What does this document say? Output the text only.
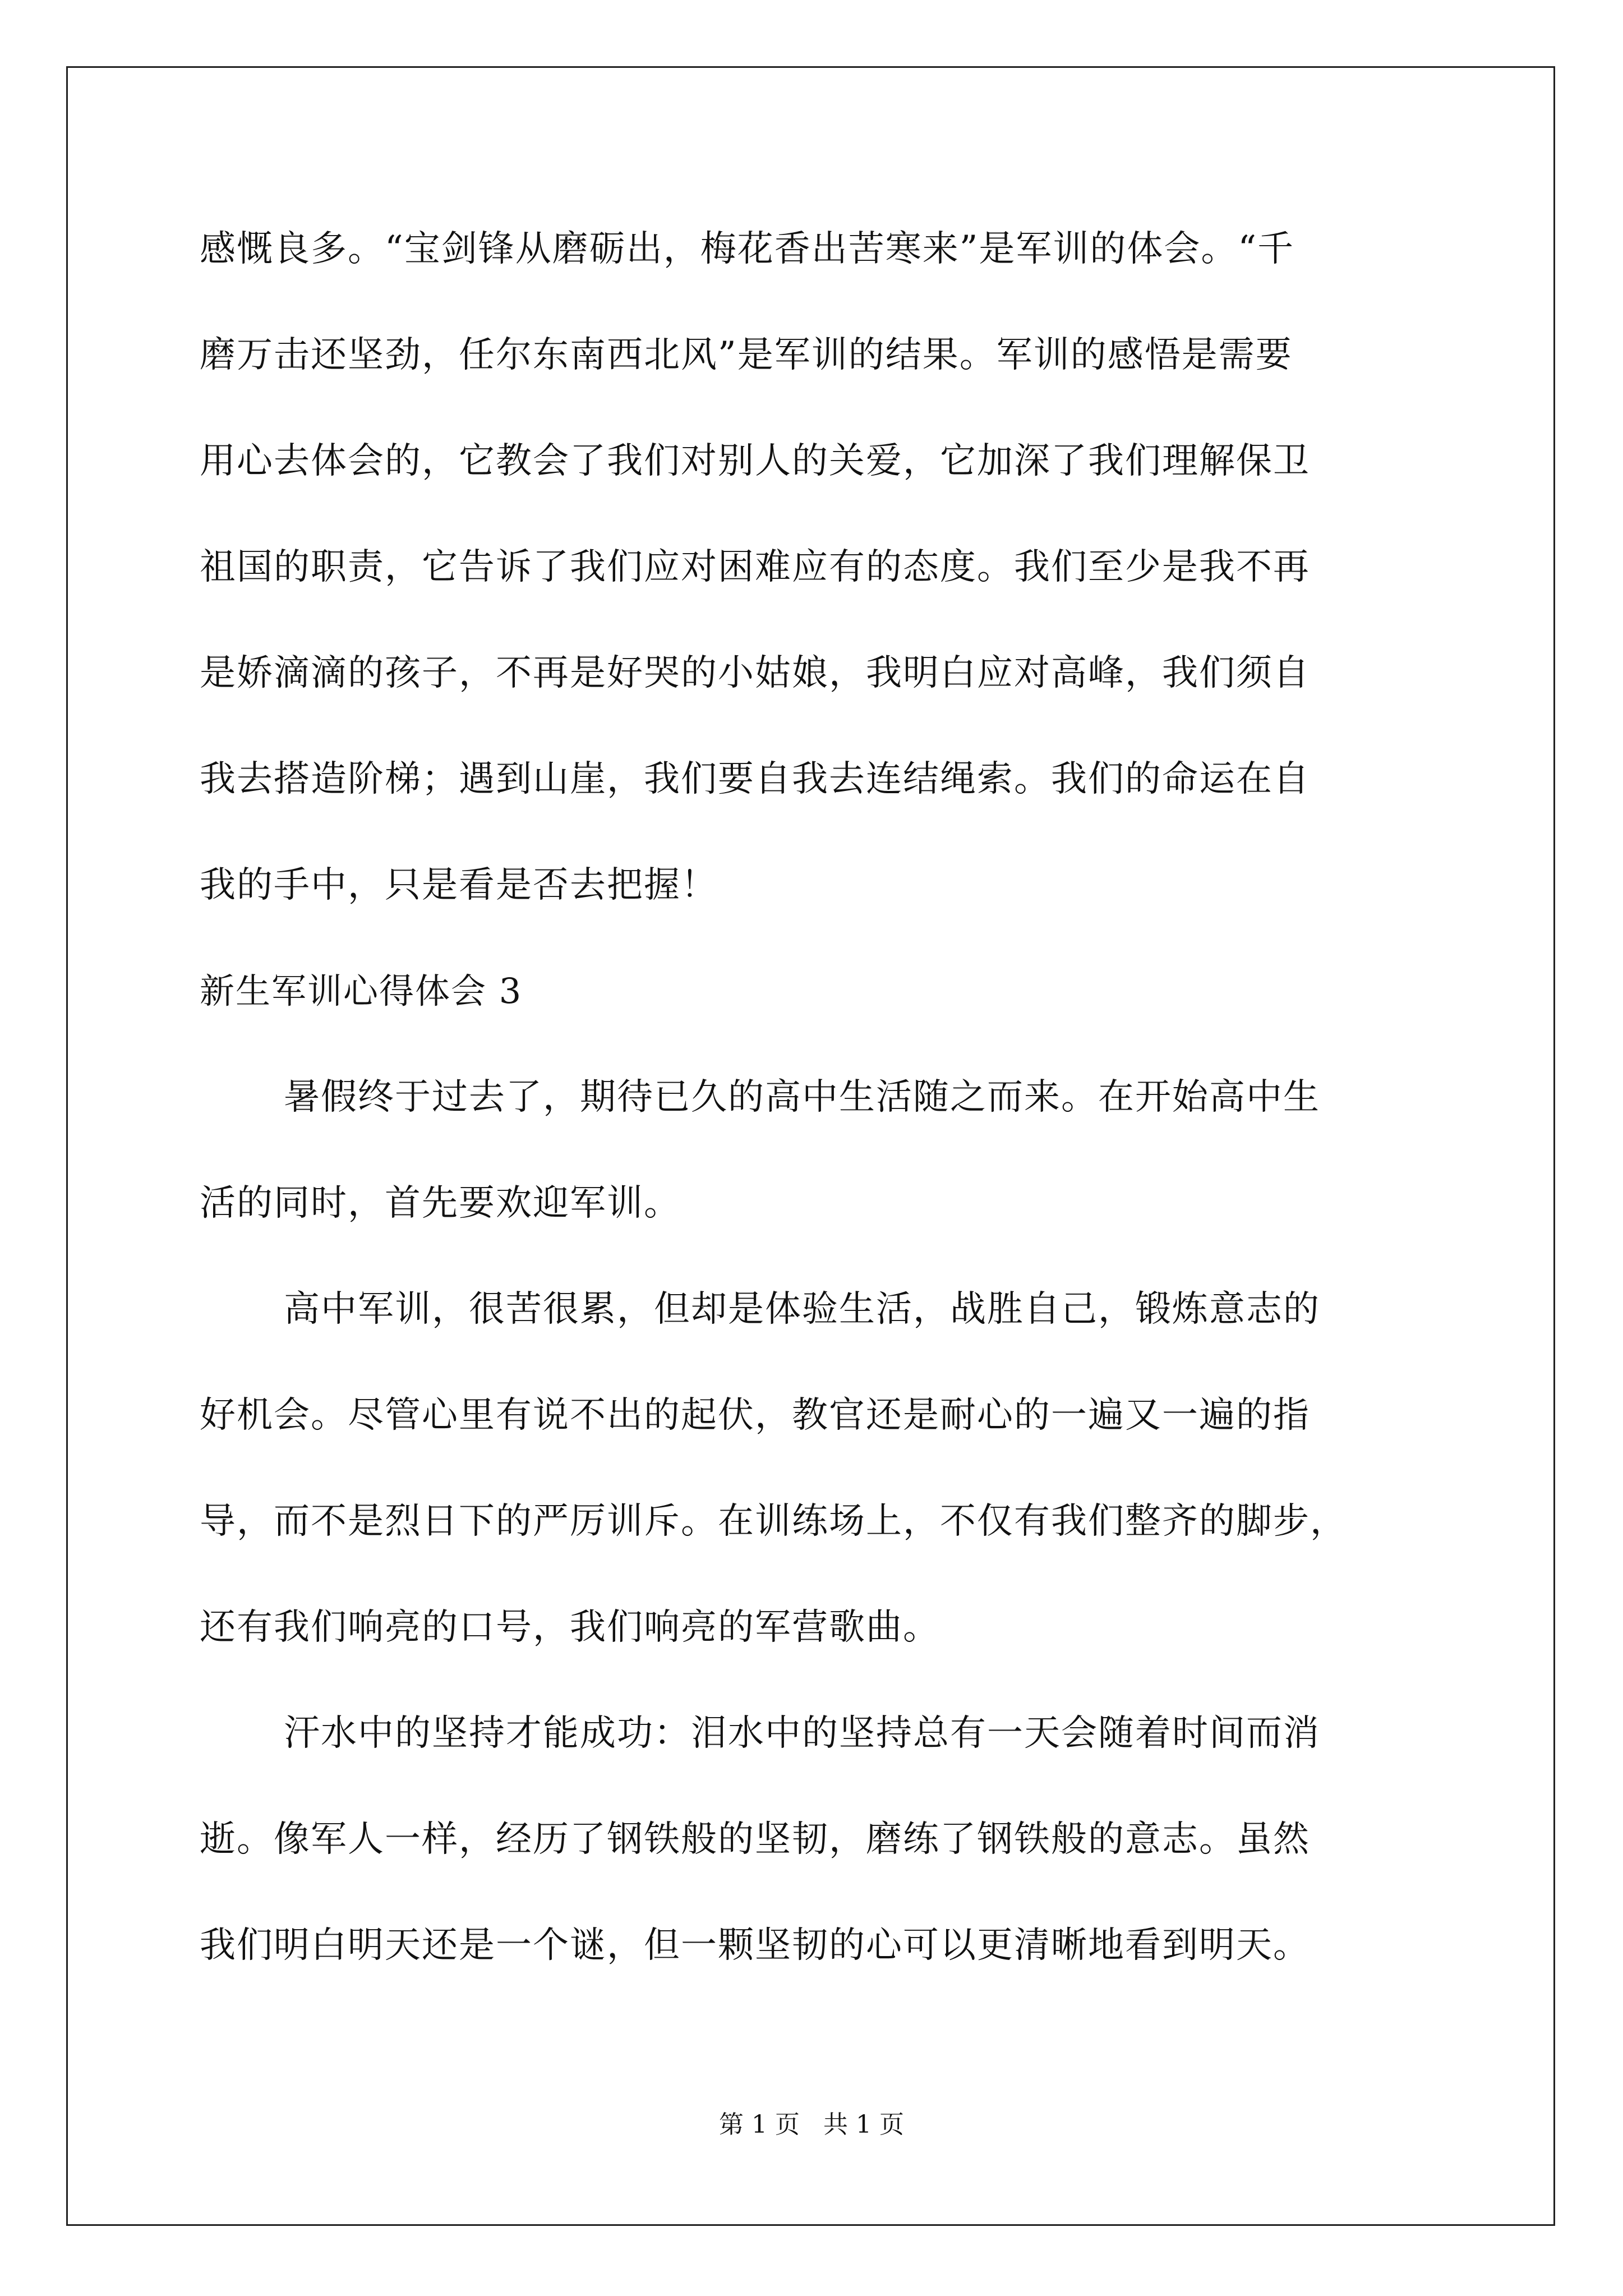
感慨良多。“宝剑锋从磨砺出，梅花香出苦寒来”是军训的体会。“千
磨万击还坚劲，任尔东南西北风”是军训的结果。军训的感悟是需要
用心去体会的，它教会了我们对别人的关爱，它加深了我们理解保卫
祖国的职责，它告诉了我们应对困难应有的态度。我们至少是我不再
是娇滴滴的孩子，不再是好哭的小姑娘，我明白应对高峰，我们须自
我去搭造阶梯；遇到山崖，我们要自我去连结绳索。我们的命运在自
我的手中，只是看是否去把握！
新生军训心得体会 3
暑假终于过去了，期待已久的高中生活随之而来。在开始高中生
活的同时，首先要欢迎军训。
高中军训，很苦很累，但却是体验生活，战胜自己，锻炼意志的
好机会。尽管心里有说不出的起伏，教官还是耐心的一遍又一遍的指
导，而不是烈日下的严厉训斥。在训练场上，不仅有我们整齐的脚步，
还有我们响亮的口号，我们响亮的军营歌曲。
汗水中的坚持才能成功：泪水中的坚持总有一天会随着时间而消
逝。像军人一样，经历了钢铁般的坚韧，磨练了钢铁般的意志。虽然
我们明白明天还是一个谜，但一颗坚韧的心可以更清晰地看到明天。
第 1 页   共 1 页
